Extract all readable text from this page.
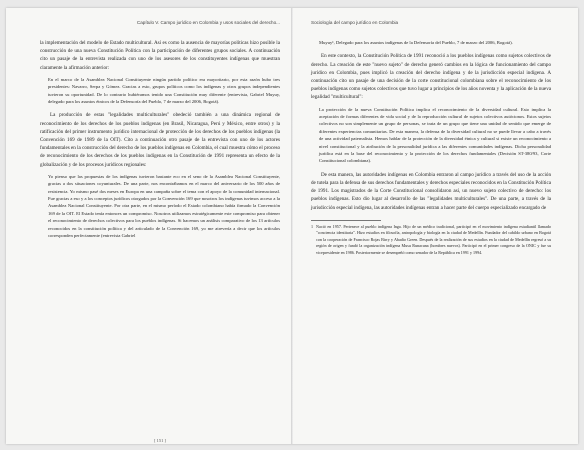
Capítulo V. Campo jurídico en Colombia y usos sociales del derecho...

la implementación del modelo de Estado multicultural. Así es como la ausencia de mayorías políticas hizo posible la construcción de una nueva Constitución Política con la participación de diferentes grupos sociales. A continuación cito un pasaje de la entrevista realizada con uno de los asesores de los constituyentes indígenas que muestran claramente la afirmación anterior:

En el marco de la Asamblea Nacional Constituyente ningún partido político era mayoritario, por esta razón hubo tres presidentes: Navarro, Serpa y Gómez. Gracias a esto, grupos políticos como los indígenas y otros grupos independientes tuvieron su oportunidad. De lo contrario hubiéramos tenido una Constitución muy diferente (entrevista, Gabriel Muyuy, delegado para los asuntos étnicos de la Defensoría del Pueblo, 7 de marzo del 2006, Bogotá).

La producción de estas "legalidades multiculturales" obedeció también a una dinámica regional de reconocimiento de los derechos de los pueblos indígenas (en Brasil, Nicaragua, Perú y México, entre otros) y la ratificación del primer instrumento jurídico internacional de protección de los derechos de los pueblos indígenas (la Convención 169 de 1989 de la OIT). Cito a continuación otro pasaje de la entrevista con uno de los actores fundamentales en la construcción del derecho de los pueblos indígenas en Colombia, el cual muestra cómo el proceso de reconocimiento de los derechos de los pueblos indígenas en la Constitución de 1991 representa un efecto de la globalización y de los procesos jurídicos regionales:

Yo pienso que las propuestas de los indígenas tuvieron bastante eco en el seno de la Asamblea Nacional Constituyente, gracias a dos situaciones coyunturales. De una parte, nos encontrábamos en el marco del aniversario de los 500 años de resistencia. Yo mismo pasé dos meses en Europa en una campaña sobre el tema con el apoyo de la comunidad internacional. Fue gracias a eso y a los conceptos jurídicos otorgados por la Convención 169 que nosotros los indígenas tuvimos acceso a la Asamblea Nacional Constituyente. Por otra parte, en el mismo período el Estado colombiano había firmado la Convención 169 de la OIT. El Estado tenía entonces un compromiso. Nosotros utilizamos estratégicamente este compromiso para obtener el reconocimiento de derechos colectivos para los pueblos indígenas. Si hacemos un análisis comparativo de los 13 artículos reconocidos en la constitución política y del articulado de la Convención 169, yo me atrevería a decir que los artículos corresponden perfectamente (entrevista Gabriel
[ 151 ]
Sociología del campo jurídico en Colombia
Muyuy¹, Delegado para los asuntos indígenas de la Defensoría del Pueblo, 7 de marzo del 2006, Bogotá).

En este contexto, la Constitución Política de 1991 reconoció a los pueblos indígenas como sujetos colectivos de derecho. La creación de este "nuevo sujeto" de derecho generó cambios en la lógica de funcionamiento del campo jurídico en Colombia, pues implicó la creación del derecho indígena y de la jurisdicción especial indígena. A continuación cito un pasaje de una decisión de la corte constitucional colombiana sobre el reconocimiento de los pueblos indígenas como sujetos colectivos que tuvo lugar a principios de los años noventa y la aplicación de la nueva legalidad "multicultural":

La protección de la nueva Constitución Política implica el reconocimiento de la diversidad cultural. Esto implica la aceptación de formas diferentes de vida social y de la reproducción cultural de sujetos colectivos autóctonos. Estos sujetos colectivos no son simplemente un grupo de personas, se trata de un grupo que tiene una unidad de sentido que emerge de diferentes experiencias comunitarias. De esta manera, la defensa de la diversidad cultural no se puede llevar a cabo a través de una actividad paternalista. Hemos hablar de la protección de la diversidad étnica y cultural si existe un reconocimiento a nivel constitucional y la atribución de la personalidad jurídica a las diferentes comunidades indígenas. Dicha personalidad jurídica está en la base del reconocimiento y la protección de los derechos fundamentales (Decisión ST-380/93, Corte Constitucional colombiana).

De esta manera, las autoridades indígenas en Colombia entraron al campo jurídico a través del uso de la acción de tutela para la defensa de sus derechos fundamentales y derechos especiales reconocidos en la Constitución Política de 1991. Los magistrados de la Corte Constitucional consolidaron así, un nuevo sujeto colectivo de derecho: los pueblos indígenas. Esto dio lugar al desarrollo de las "legalidades multiculturales". De una parte, a través de la jurisdicción especial indígena, las autoridades indígenas entran a hacer parte del cuerpo especializado encargado de

1 Nació en 1957. Pertenece al pueblo indígena Inga. Hijo de un médico tradicional, participó en el movimiento indígena estudiantil llamado "conciencia identitaria". Hizo estudios en filosofía, antropología y biología en la ciudad de Medellín. Fundador del cabildo urbano en Bogotá con la cooperación de Francisco Rojas Birry y Abadio Green. Después de la realización de sus estudios en la ciudad de Medellín regresó a su región de origen y fundó la organización indígena Musu Runacuna (hombres nuevos). Participó en el primer congreso de la ONIC y fue su vicepresidente en 1986. Posteriormente se desempeñó como senador de la República en 1991 y 1994.
